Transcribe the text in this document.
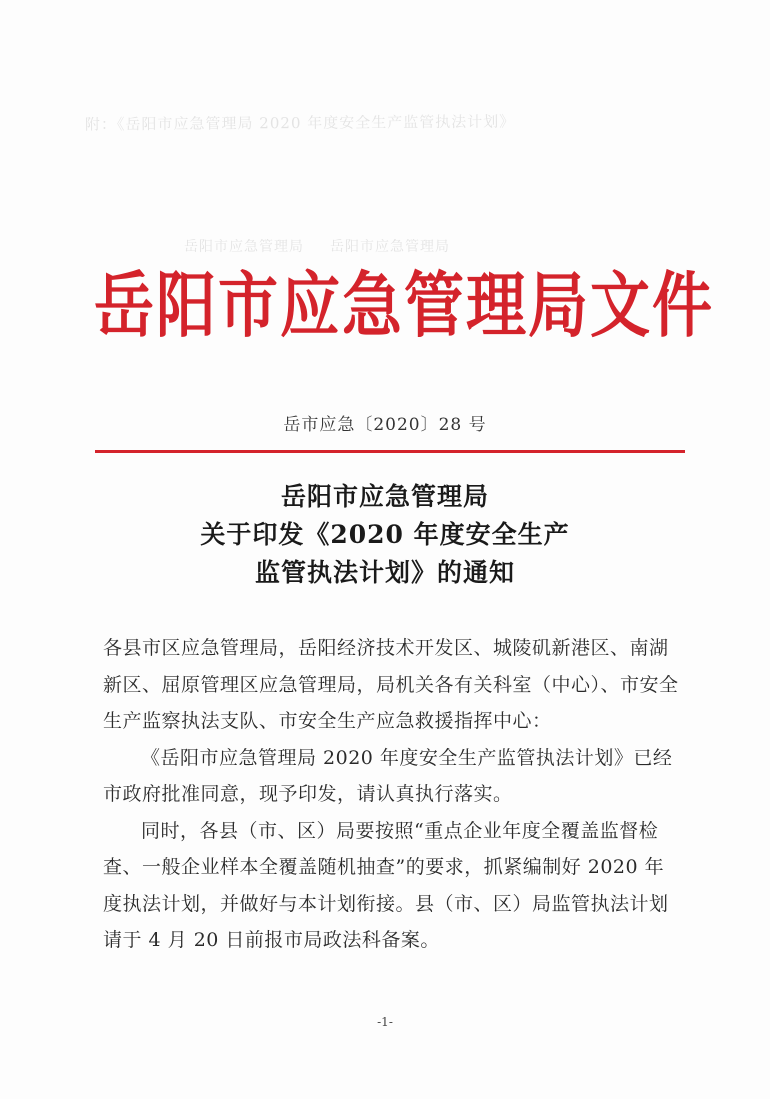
附：《岳阳市应急管理局 2020 年度安全生产监管执法计划》
岳阳市应急管理局 岳阳市应急管理局
岳阳市应急管理局文件
岳市应急〔2020〕28 号
岳阳市应急管理局
关于印发《2020 年度安全生产
监管执法计划》的通知

各县市区应急管理局，岳阳经济技术开发区、城陵矶新港区、南湖新区、屈原管理区应急管理局，局机关各有关科室（中心）、市安全生产监察执法支队、市安全生产应急救援指挥中心：

《岳阳市应急管理局 2020 年度安全生产监管执法计划》已经市政府批准同意，现予印发，请认真执行落实。

同时，各县（市、区）局要按照“重点企业年度全覆盖监督检查、一般企业样本全覆盖随机抽查”的要求，抓紧编制好 2020 年度执法计划，并做好与本计划衔接。县（市、区）局监管执法计划请于 4 月 20 日前报市局政法科备案。

-1-
